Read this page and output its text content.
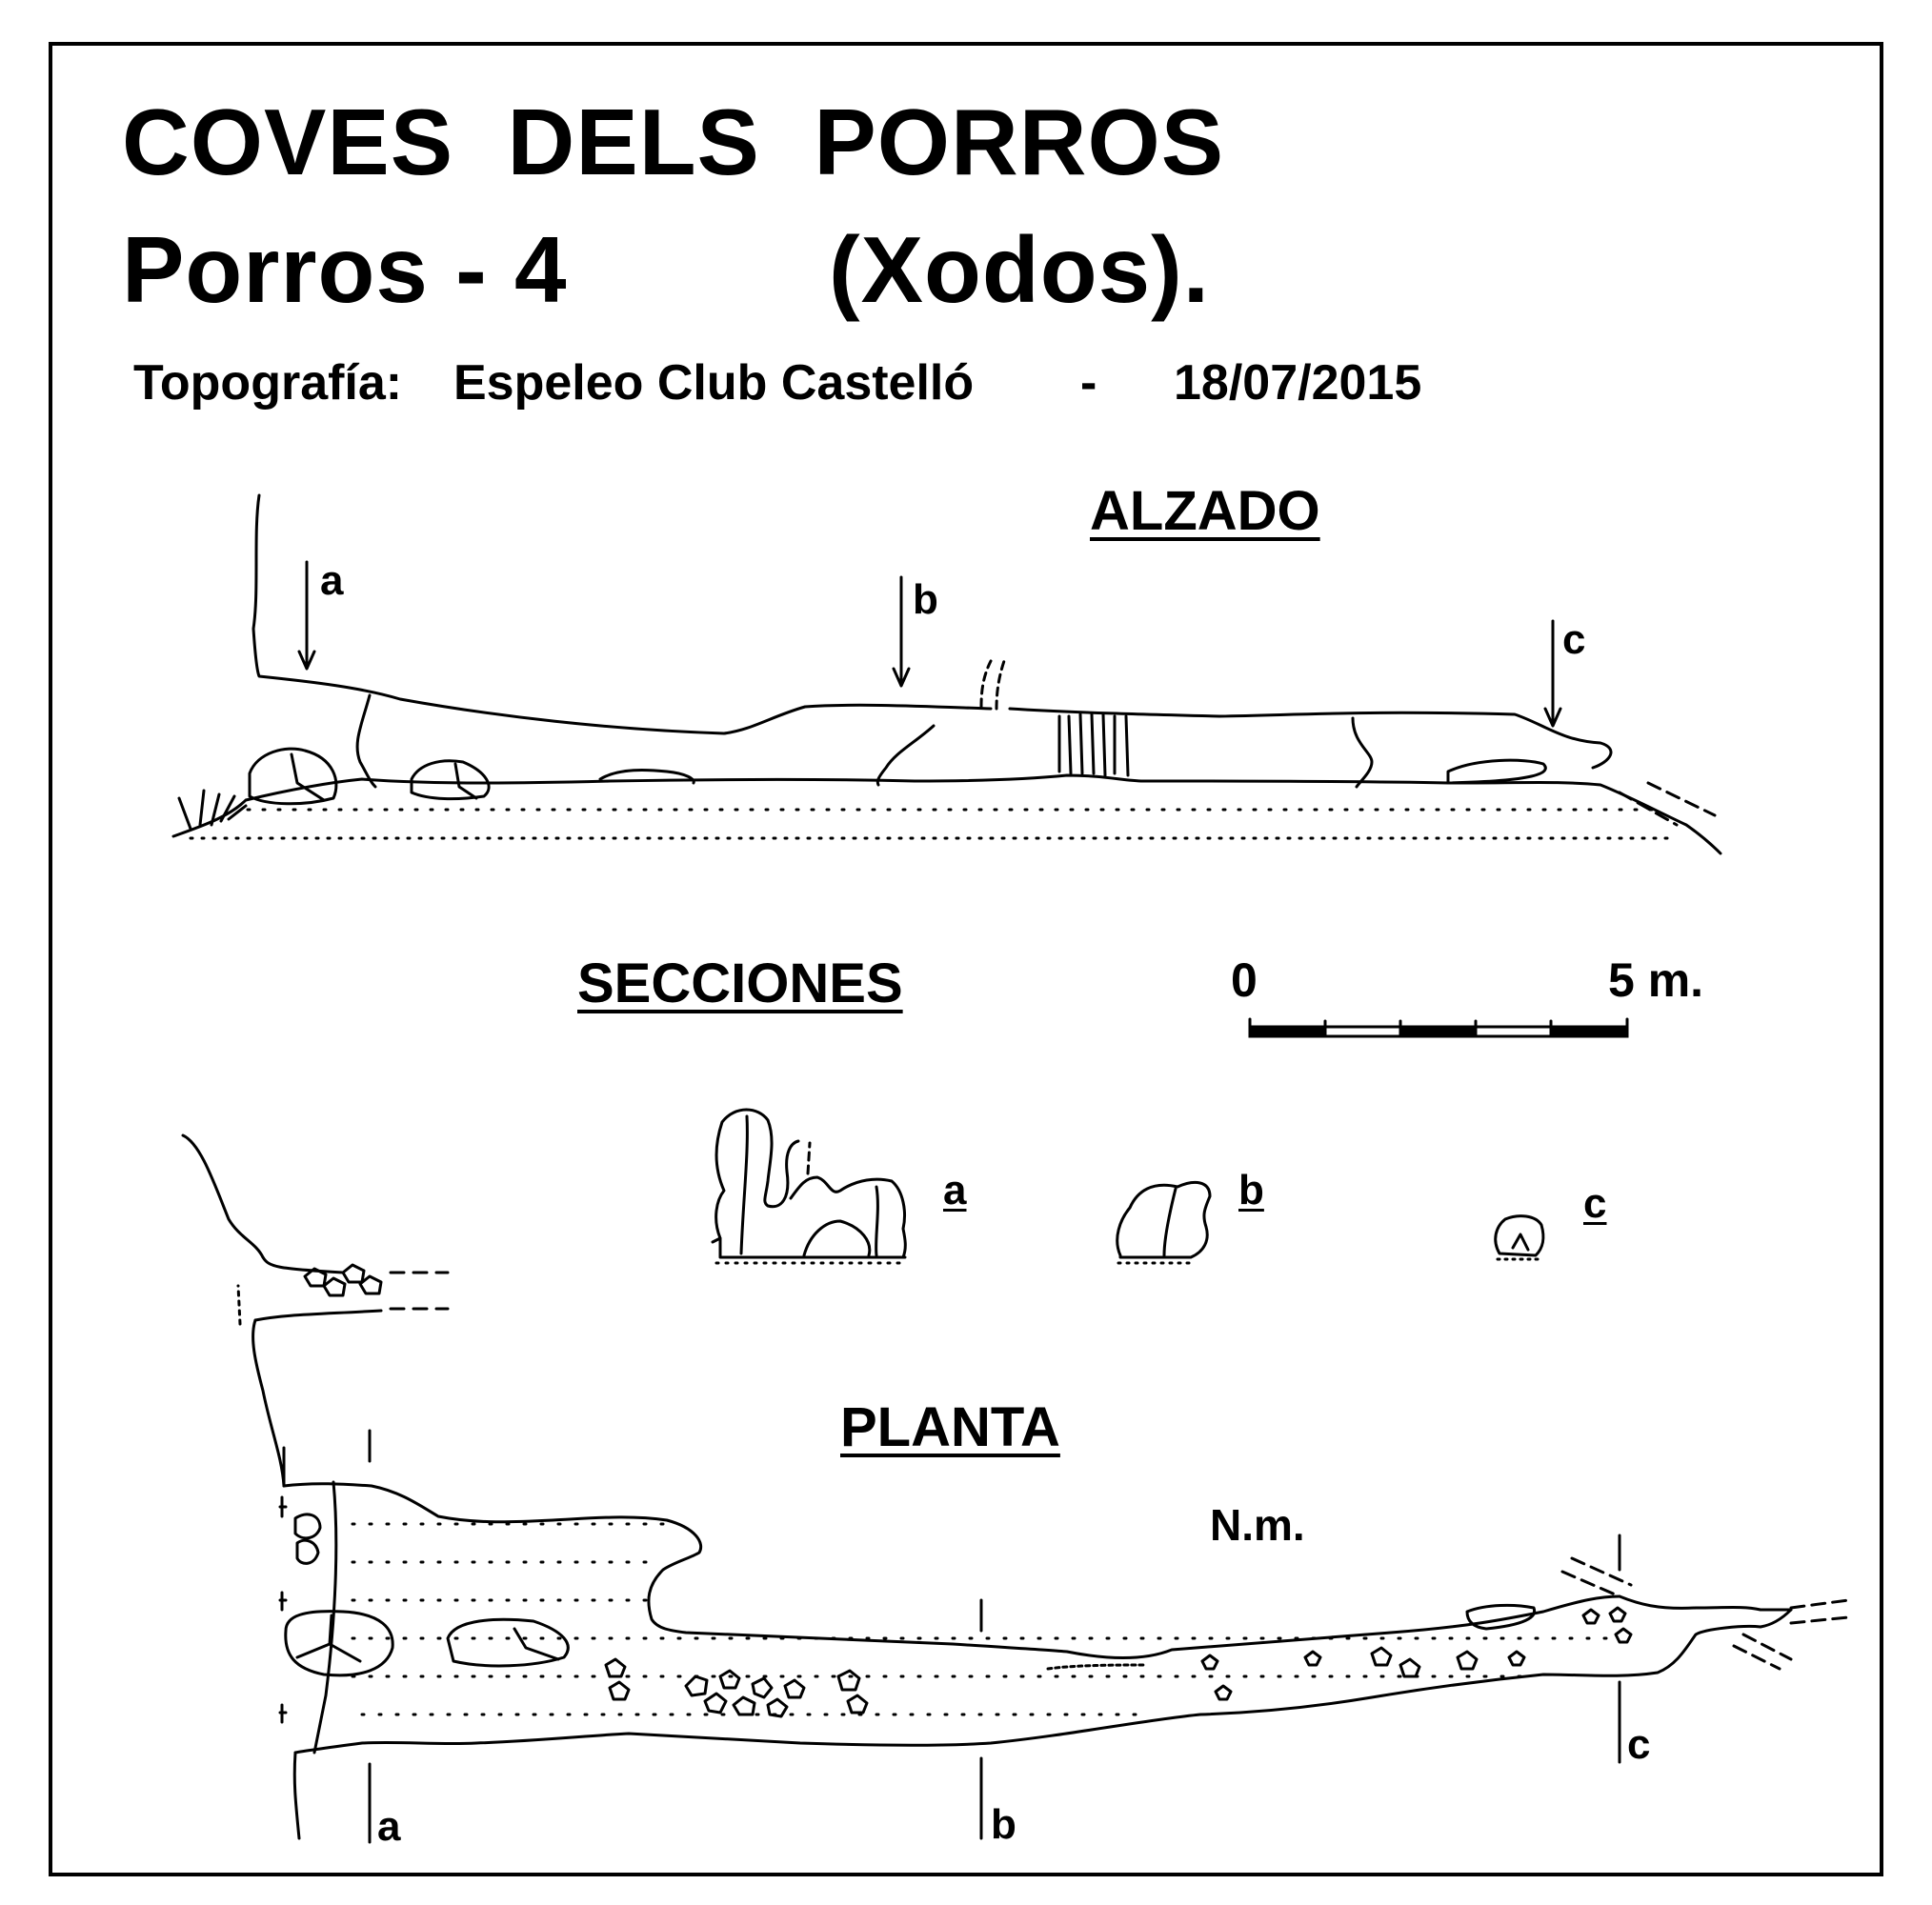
COVES  DELS  PORROS
Porros - 4	(Xodos).
Topografía: Espeleo Club Castelló - 18/07/2015
ALZADO
SECCIONES
PLANTA
0	5 m.
N.m.
a	b
c
a	b	c
a	b
c
